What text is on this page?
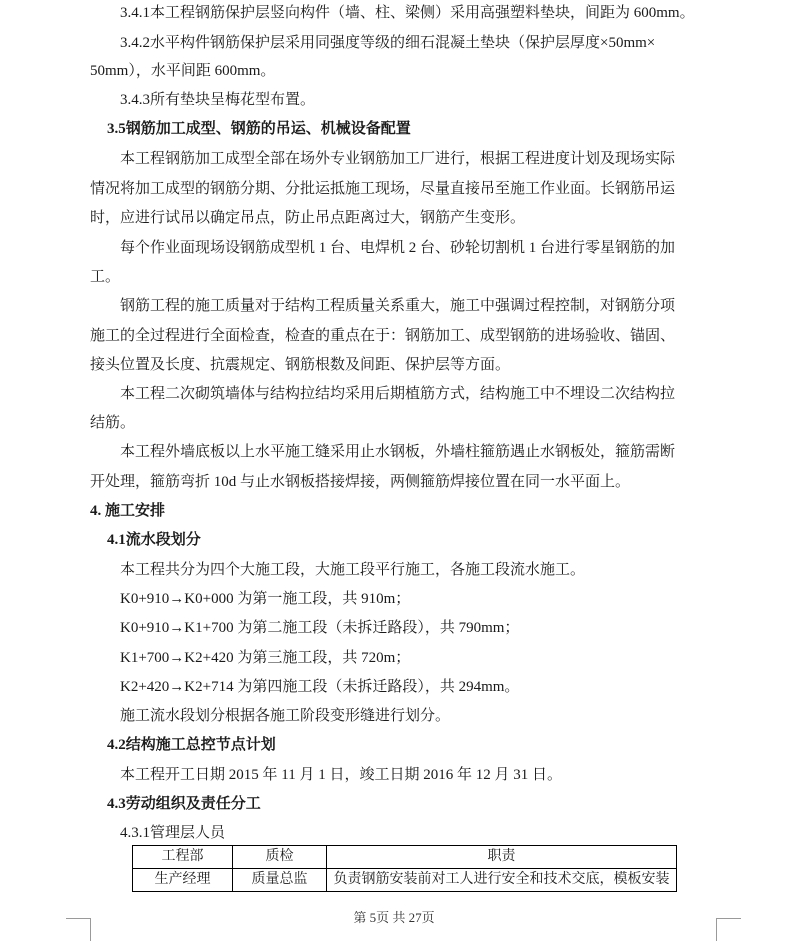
3.4.1本工程钢筋保护层竖向构件（墙、柱、梁侧）采用高强塑料垫块，间距为 600mm。
3.4.2水平构件钢筋保护层采用同强度等级的细石混凝土垫块（保护层厚度×50mm×
50mm），水平间距 600mm。
3.4.3所有垫块呈梅花型布置。
3.5钢筋加工成型、钢筋的吊运、机械设备配置
本工程钢筋加工成型全部在场外专业钢筋加工厂进行，根据工程进度计划及现场实际
情况将加工成型的钢筋分期、分批运抵施工现场，尽量直接吊至施工作业面。长钢筋吊运
时，应进行试吊以确定吊点，防止吊点距离过大，钢筋产生变形。
每个作业面现场设钢筋成型机 1 台、电焊机 2 台、砂轮切割机 1 台进行零星钢筋的加
工。
钢筋工程的施工质量对于结构工程质量关系重大，施工中强调过程控制，对钢筋分项
施工的全过程进行全面检查，检查的重点在于：钢筋加工、成型钢筋的进场验收、锚固、
接头位置及长度、抗震规定、钢筋根数及间距、保护层等方面。
本工程二次砌筑墙体与结构拉结均采用后期植筋方式，结构施工中不埋设二次结构拉
结筋。
本工程外墙底板以上水平施工缝采用止水钢板，外墙柱箍筋遇止水钢板处，箍筋需断
开处理，箍筋弯折 10d 与止水钢板搭接焊接，两侧箍筋焊接位置在同一水平面上。
4. 施工安排
4.1流水段划分
本工程共分为四个大施工段，大施工段平行施工，各施工段流水施工。
K0+910→K0+000 为第一施工段，共 910m；
K0+910→K1+700 为第二施工段（未拆迁路段），共 790mm；
K1+700→K2+420 为第三施工段，共 720m；
K2+420→K2+714 为第四施工段（未拆迁路段），共 294mm。
施工流水段划分根据各施工阶段变形缝进行划分。
4.2结构施工总控节点计划
本工程开工日期 2015 年 11 月 1 日，竣工日期 2016 年 12 月 31 日。
4.3劳动组织及责任分工
4.3.1管理层人员
工程部	质检	职责
生产经理	质量总监	负责钢筋安装前对工人进行安全和技术交底，模板安装
第 5页 共 27页
